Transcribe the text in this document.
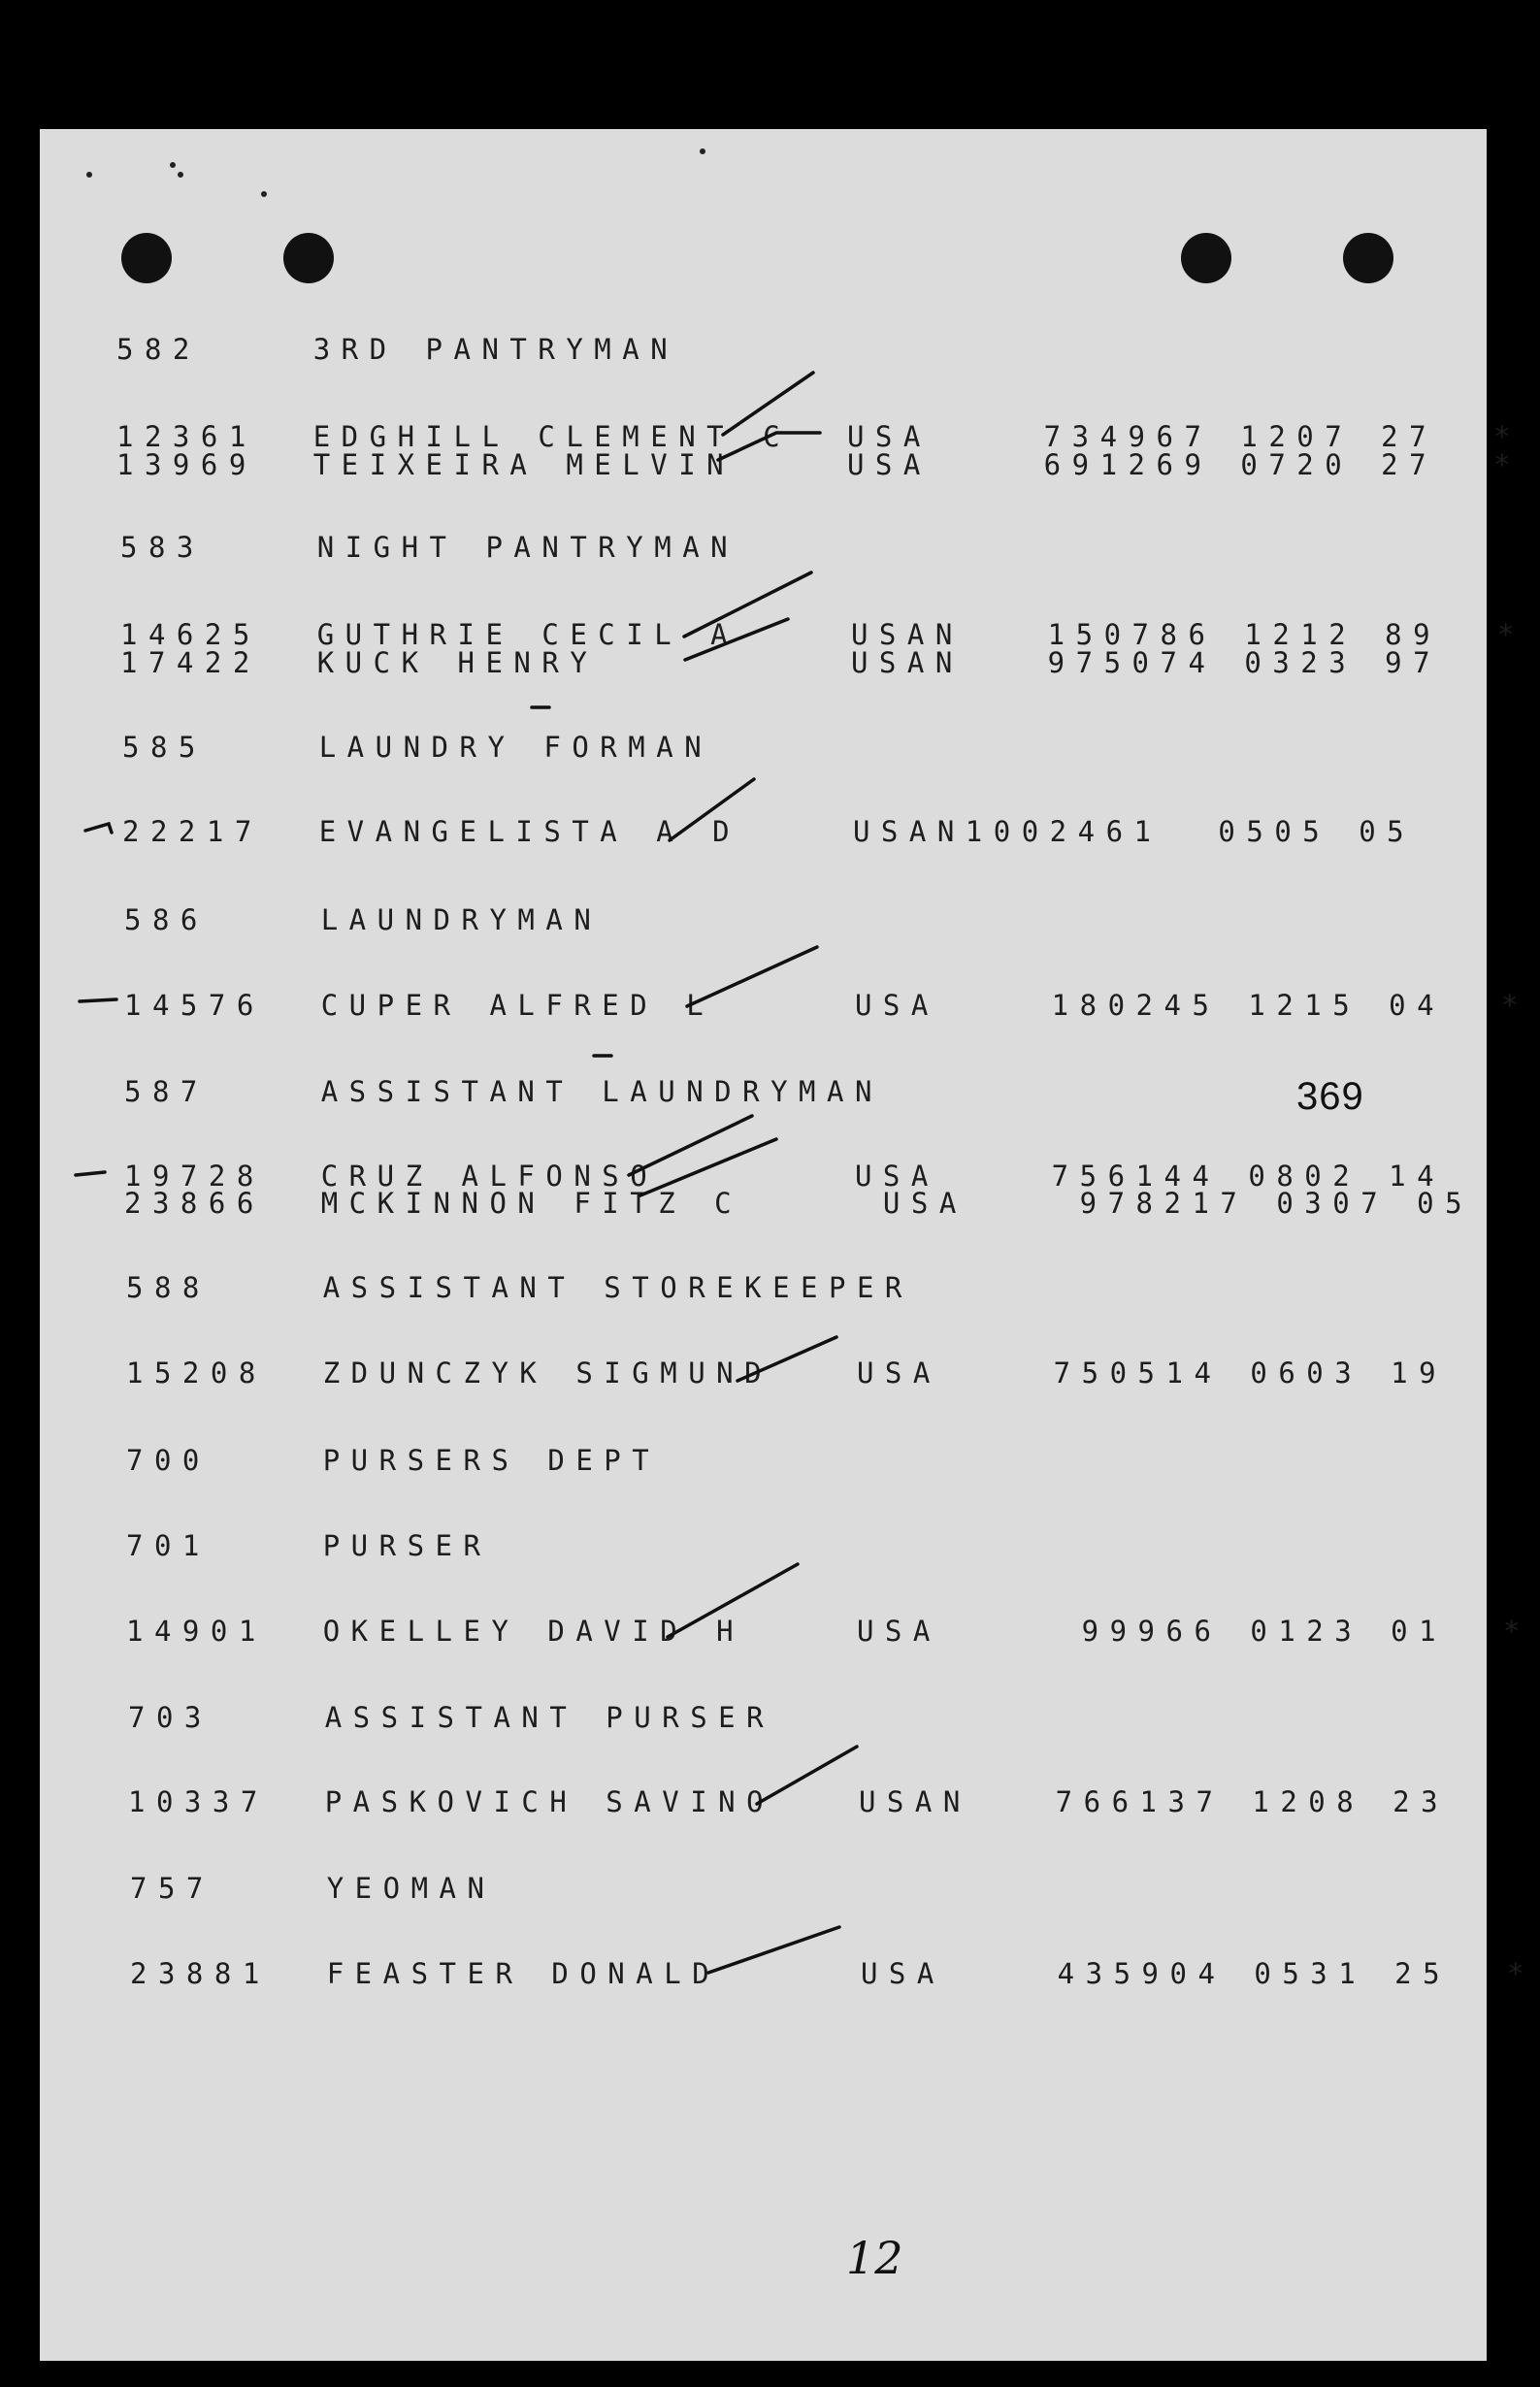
582    3RD PANTRYMAN
12361  EDGHILL CLEMENT C  USA    734967 1207 27  *
13969  TEIXEIRA MELVIN    USA    691269 0720 27  *
583    NIGHT PANTRYMAN
14625  GUTHRIE CECIL A    USAN   150786 1212 89  *
17422  KUCK HENRY         USAN   975074 0323 97
585    LAUNDRY FORMAN
22217  EVANGELISTA A D    USAN1002461  0505 05
586    LAUNDRYMAN
14576  CUPER ALFRED L     USA    180245 1215 04  *
587    ASSISTANT LAUNDRYMAN
19728  CRUZ ALFONSO       USA    756144 0802 14
23866  MCKINNON FITZ C     USA    978217 0307 05
588    ASSISTANT STOREKEEPER
15208  ZDUNCZYK SIGMUND   USA    750514 0603 19
700    PURSERS DEPT
701    PURSER
14901  OKELLEY DAVID H    USA     99966 0123 01  *
703    ASSISTANT PURSER
10337  PASKOVICH SAVINO   USAN   766137 1208 23
757    YEOMAN
23881  FEASTER DONALD     USA    435904 0531 25  *
369
12
